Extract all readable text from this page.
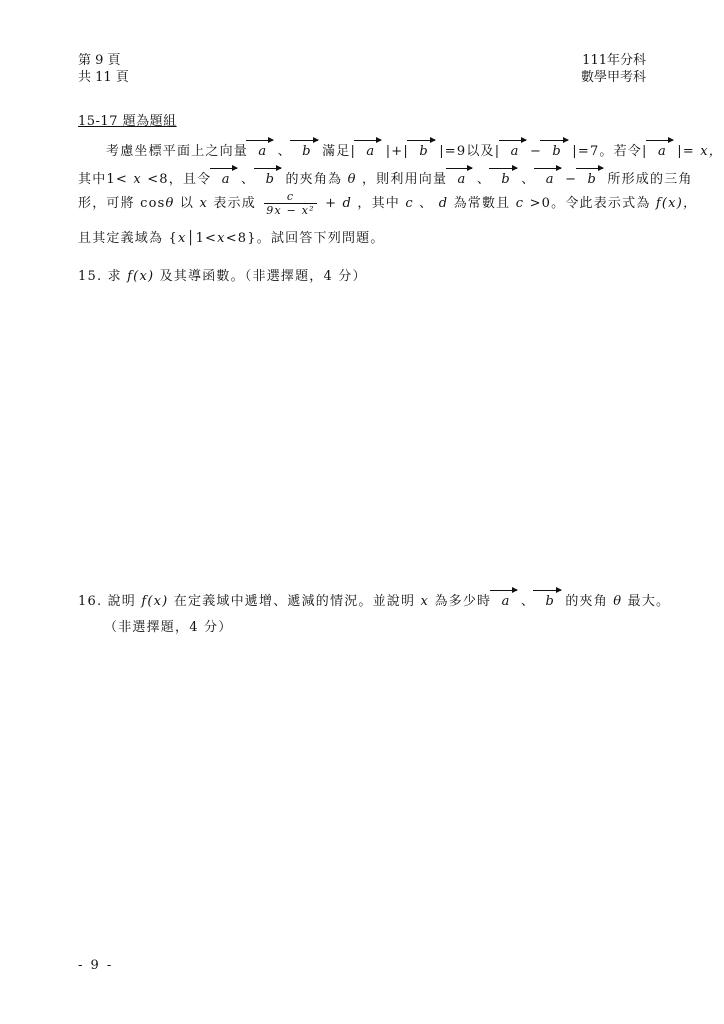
第 9 頁
共 11 頁
111年分科
數學甲考科
15-17 題為題組
考慮坐標平面上之向量 a 、 b 滿足| a |+| b |=9以及| a − b |=7。若令| a |= x，
其中1< x <8，且令 a 、 b 的夾角為 θ ，則利用向量 a 、 b 、 a − b 所形成的三角
形，可將 cosθ 以 x 表示成 $\frac{c}{\text{9x − x²}} + d$ ，其中 c 、 d 為常數且 c >0。令此表示式為 f(x)，
且其定義域為 {x│1<x<8}。試回答下列問題。
15. 求 f(x) 及其導函數。（非選擇題，4 分）
16. 說明 f(x) 在定義域中遞增、遞減的情況。並說明 x 為多少時 a 、 b 的夾角 θ 最大。
（非選擇題，4 分）
- 9 -
